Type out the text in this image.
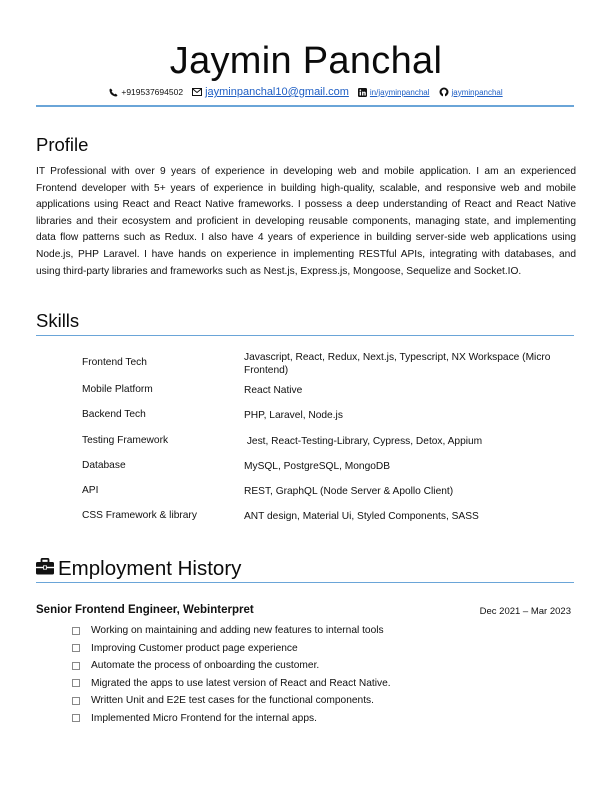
Jaymin Panchal
+919537694502 jayminpanchal10@gmail.com	in/jayminpanchal	jayminpanchal
Profile
IT Professional with over 9 years of experience in developing web and mobile application. I am an experienced Frontend developer with 5+ years of experience in building high-quality, scalable, and responsive web and mobile applications using React and React Native frameworks. I possess a deep understanding of React and React Native libraries and their ecosystem and proficient in developing reusable components, managing state, and implementing data flow patterns such as Redux. I also have 4 years of experience in building server-side web applications using Node.js, PHP Laravel. I have hands on experience in implementing RESTful APIs, integrating with databases, and using third-party libraries and frameworks such as Nest.js, Express.js, Mongoose, Sequelize and Socket.IO.
Skills
Frontend Tech	Javascript, React, Redux, Next.js, Typescript, NX Workspace (Micro Frontend)
Mobile Platform	React Native
Backend Tech	PHP, Laravel, Node.js
Testing Framework	Jest, React-Testing-Library, Cypress, Detox, Appium
Database	MySQL, PostgreSQL, MongoDB
API	REST, GraphQL (Node Server & Apollo Client)
CSS Framework & library	ANT design, Material Ui, Styled Components, SASS
Employment History
Senior Frontend Engineer, Webinterpret	Dec 2021 – Mar 2023
Working on maintaining and adding new features to internal tools
Improving Customer product page experience
Automate the process of onboarding the customer.
Migrated the apps to use latest version of React and React Native.
Written Unit and E2E test cases for the functional components.
Implemented Micro Frontend for the internal apps.
